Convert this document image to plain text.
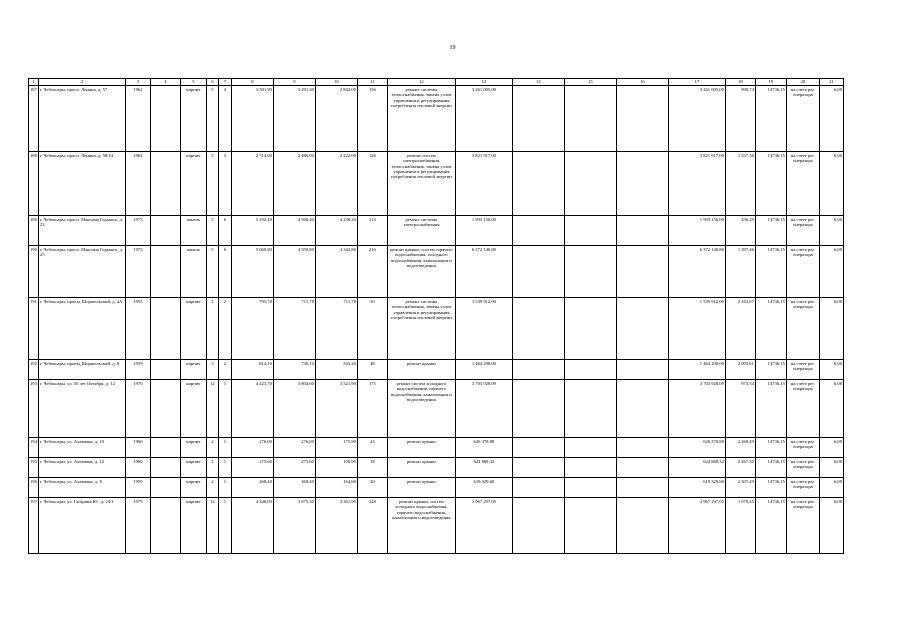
19
1	2	3	4	5	6	7	8	9	10	11	12	13	14	15	16	17	18	19	20	21
187	г. Чебоксары, просп. Ленина, д. 57	1962		кирпич	5	4	3 591,90	3 291,30	2 842,00	156	ремонт системы теплоснабжения, замена узлов управления и регулирования потребления тепловой энергии	3 261 005,00				3 261 005,00	990,74	14736,15	на счете рег. оператора	6,08
188	г. Чебоксары, просп. Ленина, д. 58/14	1964		кирпич	5	3	2 714,00	2 486,00	2 222,00	126	ремонт систем электроснабжения, теплоснабжения, замена узлов управления и регулирования потребления тепловой энергии	3 821 917,00				3 821 917,00	1 537,38	14736,15	на счете рег. оператора	6,08
189	г. Чебоксары, просп. Максима Горького, д. 23	1975		панель	5	6	5 102,40	4 568,40	4 230,30	214	ремонт системы электроснабжения	1 993 156,00				1 993 156,00	436,29	14736,15	на счете рег. оператора	6,08
190	г. Чебоксары, просп. Максима Горького, д. 25	1975		панель	5	6	5 069,80	4 559,80	4 342,80	216	ремонт крыши, систем горячего водоснабжения, холодного водоснабжения, канализации и водоотведения	6 372 140,80				6 372 140,80	1 397,46	14736,15	на счете рег. оператора	6,08
191	г. Чебоксары, проезд Шоршельский, д. 4А	1955		кирпич	2	2	793,78	711,78	711,78	39	ремонт системы теплоснабжения, замена узлов управления и регулирования потребления тепловой энергии	1 539 912,00				1 539 912,00	2 163,67	14736,15	на счете рег. оператора	6,08
192	г. Чебоксары, проезд Шоршельский, д. 8	1959		кирпич	3	2	814,10	730,10	543,20	48	ремонт крыши	1 464 298,00				1 464 298,00	2 005,61	14736,15	на счете рег. оператора	6,08
193	г. Чебоксары, ул. 50 лет Октября, д. 12	1970		кирпич	12	1	4 423,70	3 804,60	3 521,90	175	ремонт систем холодного водоснабжения, горячего водоснабжения, канализации и водоотведения	3 703 928,09				3 703 928,09	973,54	14736,15	на счете рег. оператора	6,08
194	г. Чебоксары, ул. Ахазмана, д. 10	1960		кирпич	2	1	276,00	276,00	175,90	23	ремонт крыши	626 378,88				626 378,88	2 269,49	14736,15	на счете рег. оператора	6,08
195	г. Чебоксары, ул. Ахазмана, д. 12	1960		кирпич	2	1	275,60	275,60	100,90	18	ремонт крыши	624 868,32				624 868,32	2 267,30	14736,15	на счете рег. оператора	6,08
196	г. Чебоксары, ул. Ахазмана, д. 8	1959		кирпич	2	1	268,40	268,40	164,60	20	ремонт крыши	619 329,60				619 329,60	2 307,49	14736,15	на счете рег. оператора	6,08
197	г. Чебоксары, ул. Гагарина Ю., д. 24/1	1979		кирпич	12	1	4 346,09	3 675,30	3 361,90	228	ремонт крыши, систем холодного водоснабжения, горячего водоснабжения, канализации и водоотведения	3 967 297,05				3 967 297,05	1 079,45	14736,15	на счете рег. оператора	6,08
